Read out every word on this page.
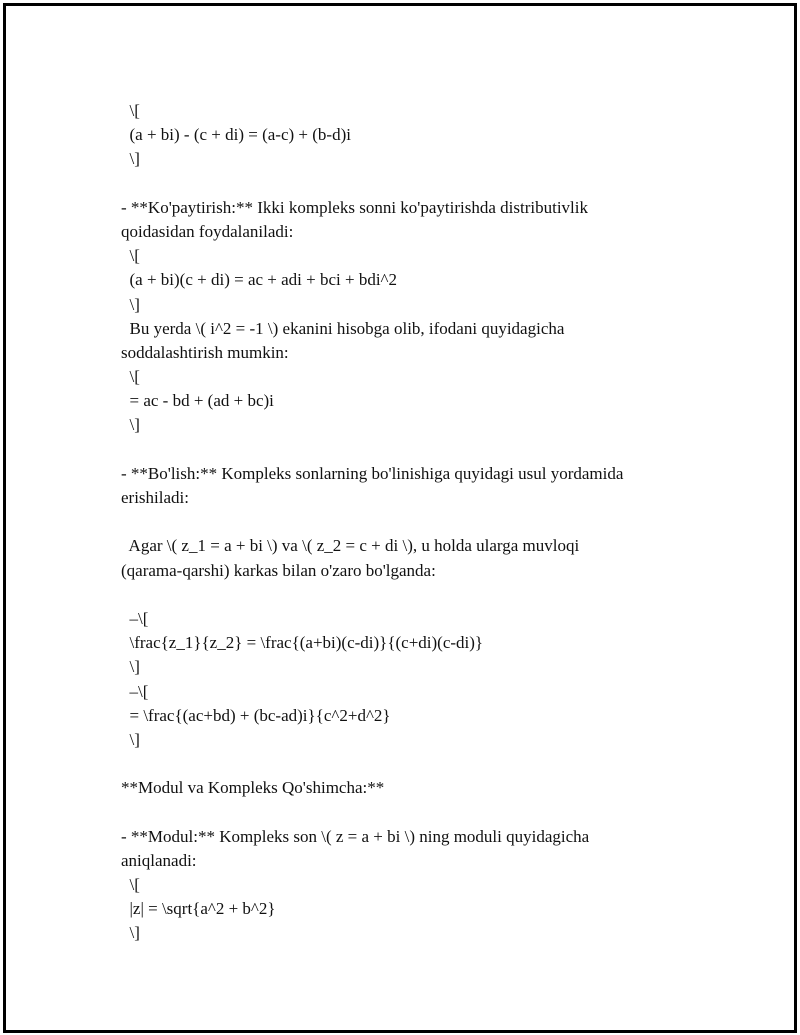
\[
(a + bi) - (c + di) = (a-c) + (b-d)i
\]
- **Ko'paytirish:** Ikki kompleks sonni ko'paytirishda distributivlik
qoidasidan foydalaniladi:
\[
(a + bi)(c + di) = ac + adi + bci + bdi^2
\]
Bu yerda \( i^2 = -1 \) ekanini hisobga olib, ifodani quyidagicha
soddalashtirish mumkin:
\[
= ac - bd + (ad + bc)i
\]
- **Bo'lish:** Kompleks sonlarning bo'linishiga quyidagi usul yordamida
erishiladi:
Agar \( z_1 = a + bi \) va \( z_2 = c + di \), u holda ularga muvloqi
(qarama-qarshi) karkas bilan o'zaro bo'lganda:
–\[
\frac{z_1}{z_2} = \frac{(a+bi)(c-di)}{(c+di)(c-di)}
\]
–\[
= \frac{(ac+bd) + (bc-ad)i}{c^2+d^2}
\]
**Modul va Kompleks Qo'shimcha:**
- **Modul:** Kompleks son \( z = a + bi \) ning moduli quyidagicha
aniqlanadi:
\[
|z| = \sqrt{a^2 + b^2}
\]
